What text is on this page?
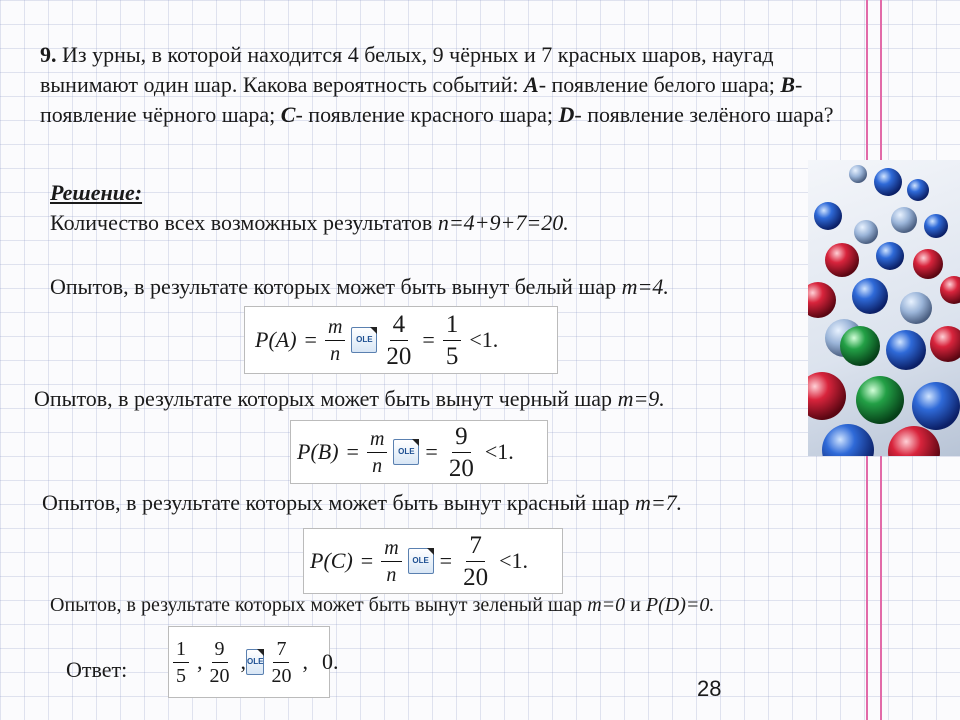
9. Из урны, в которой находится 4 белых, 9 чёрных и 7 красных шаров, наугад вынимают один шар. Какова вероятность событий: А- появление белого шара; В- появление чёрного шара; С- появление красного шара; D- появление зелёного шара?
Решение:
Количество всех возможных результатов n=4+9+7=20.
Опытов, в результате которых может быть вынут белый шар m=4.
$P(A) = \frac{m}{n}$	OLE $\frac{4}{20} = \frac{1}{5} <1$.
Опытов, в результате которых может быть вынут черный шар m=9.
$P(B) = \frac{m}{n}$	OLE = $\frac{9}{20} <1$.
Опытов, в результате которых может быть вынут красный шар m=7.
$P(C) = \frac{m}{n}$	OLE = $\frac{7}{20} <1$.
Опытов, в результате которых может быть вынут зеленый шар m=0 и P(D)=0.
Ответ: $\frac{1}{5}$ , $\frac{9}{20}$ , OLE $\frac{7}{20}$ , 0.
28
